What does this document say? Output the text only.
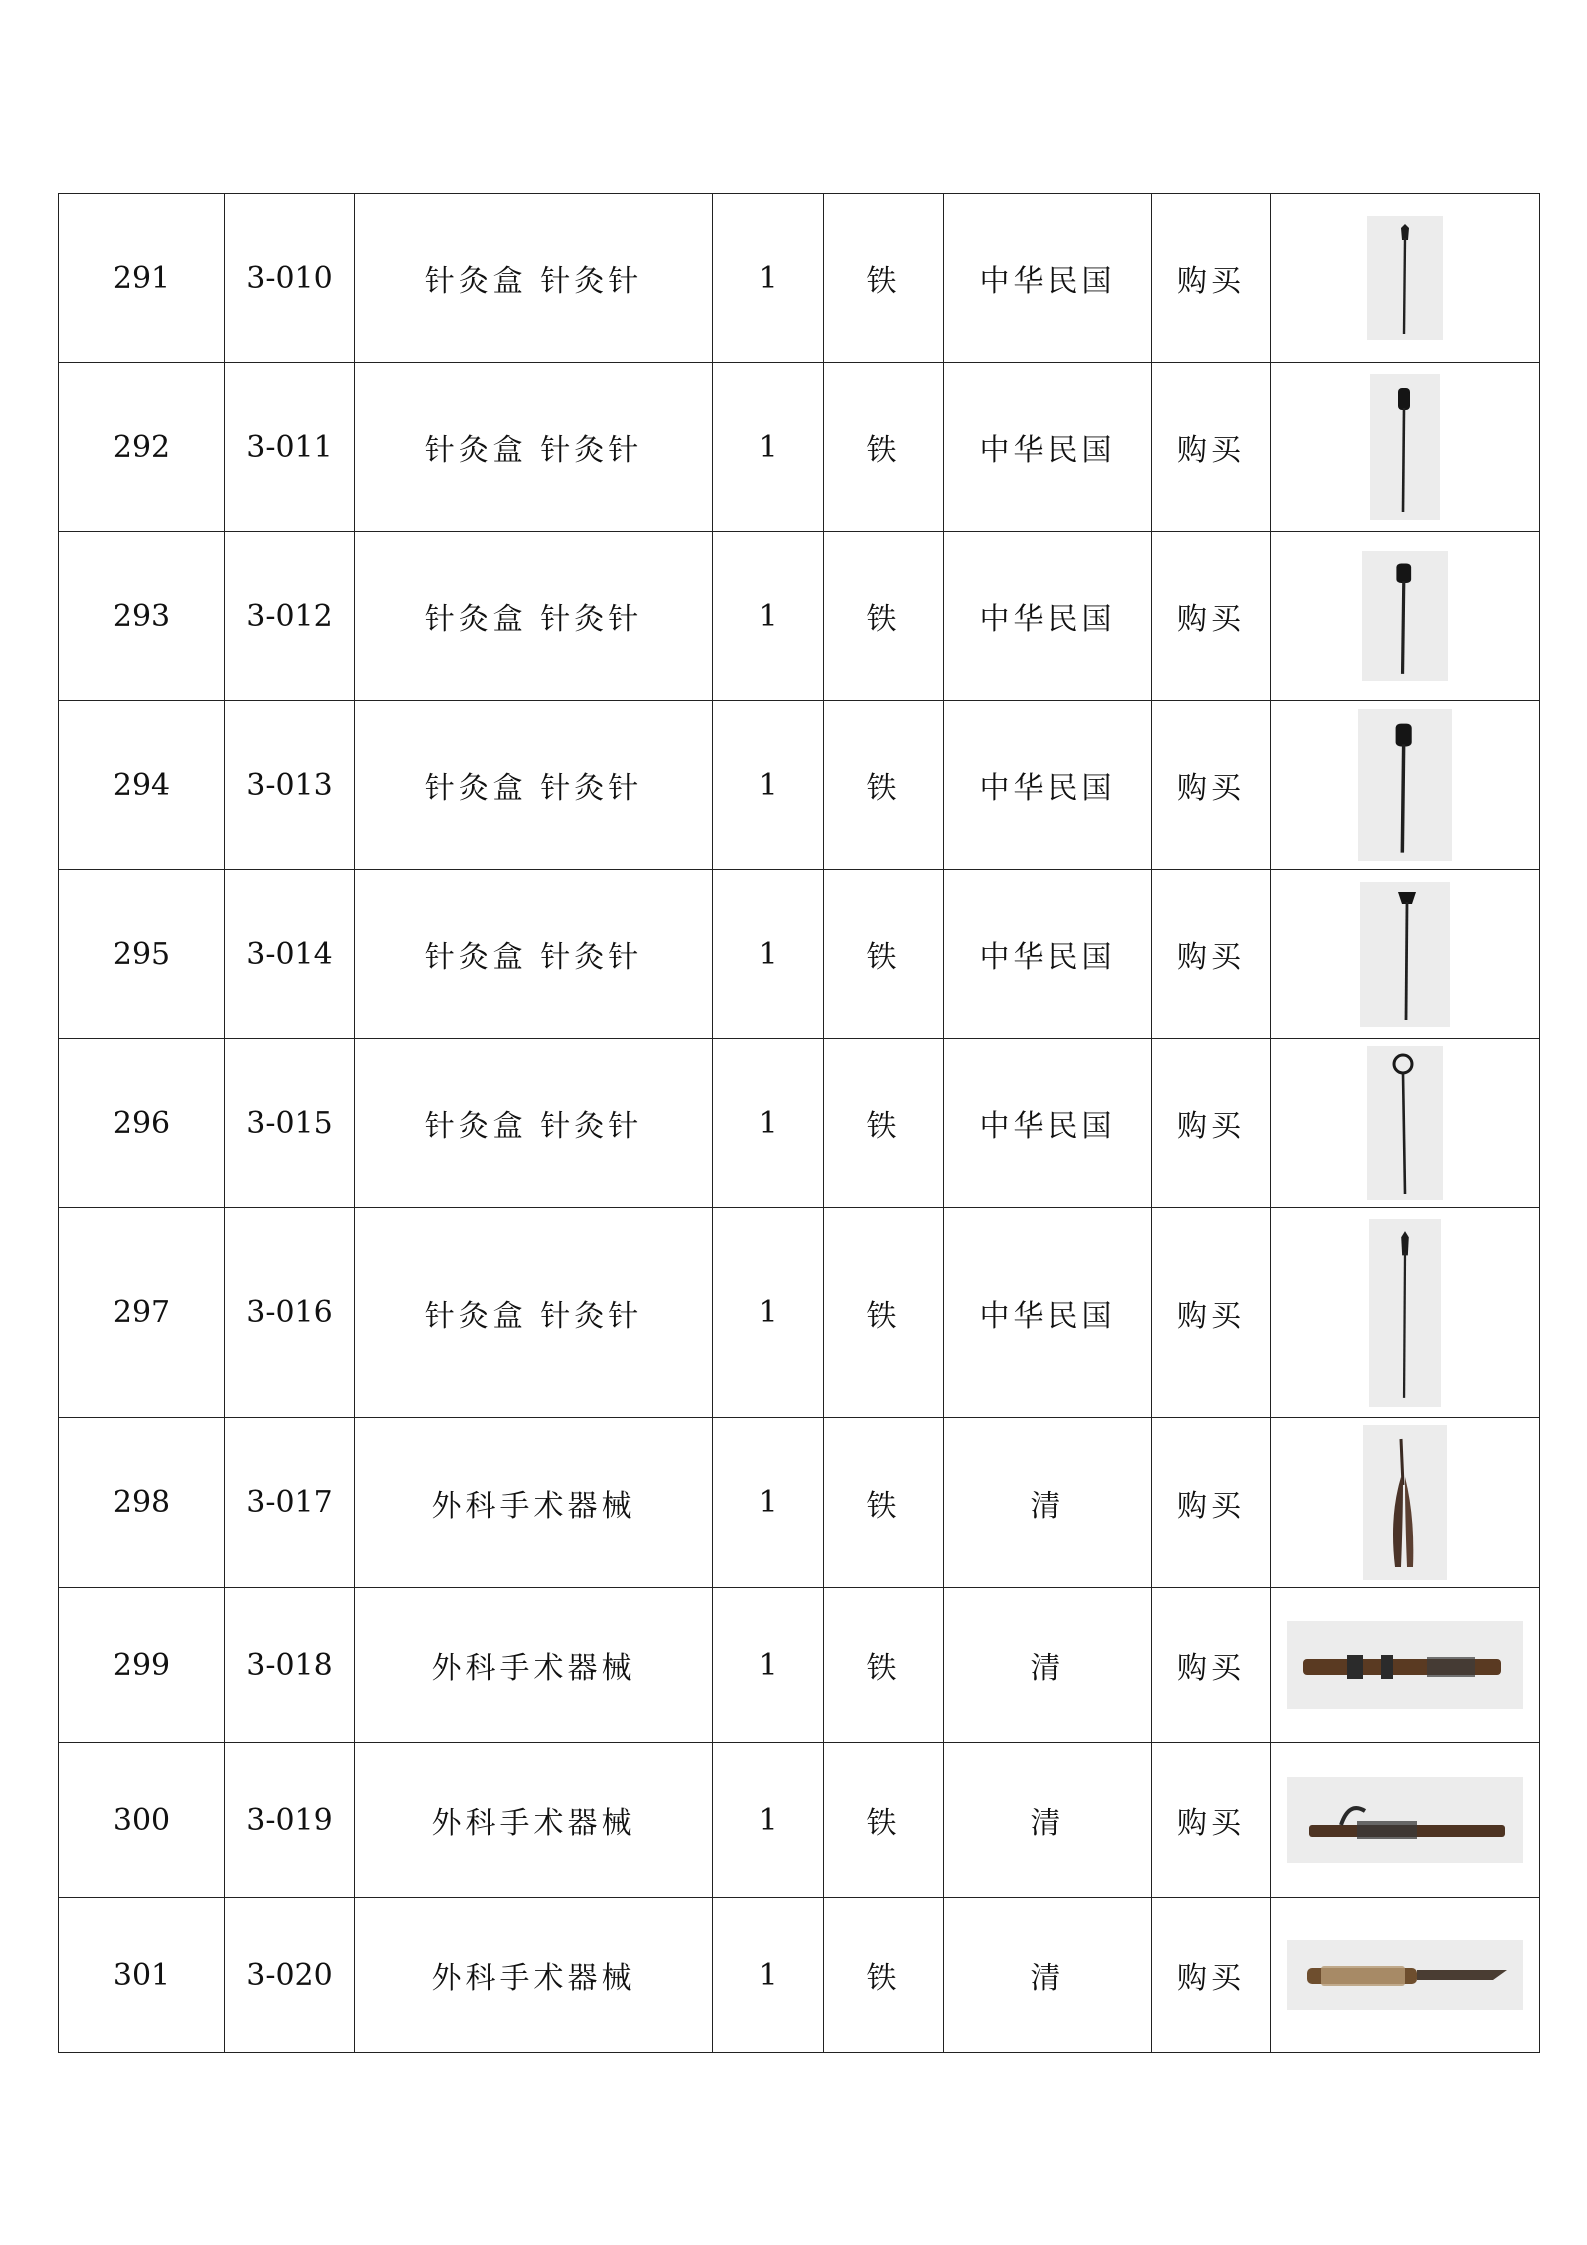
291	3-010	针灸盒 针灸针	1	铁	中华民国	购买	

292	3-011	针灸盒 针灸针	1	铁	中华民国	购买	

293	3-012	针灸盒 针灸针	1	铁	中华民国	购买	

294	3-013	针灸盒 针灸针	1	铁	中华民国	购买	

295	3-014	针灸盒 针灸针	1	铁	中华民国	购买	

296	3-015	针灸盒 针灸针	1	铁	中华民国	购买	

297	3-016	针灸盒 针灸针	1	铁	中华民国	购买	

298	3-017	外科手术器械	1	铁	清	购买	

299	3-018	外科手术器械	1	铁	清	购买	

300	3-019	外科手术器械	1	铁	清	购买	

301	3-020	外科手术器械	1	铁	清	购买	
